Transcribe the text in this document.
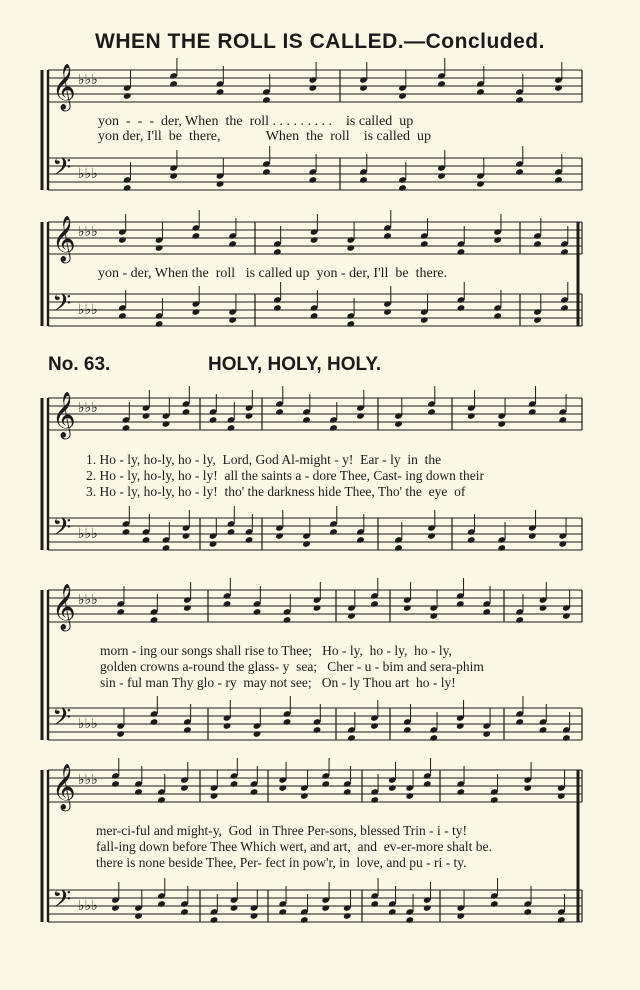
WHEN THE ROLL IS CALLED.—Concluded.
𝄞
𝄢
♭♭♭
♭♭♭
𝄞
𝄢
♭♭♭
♭♭♭
𝄞
𝄢
♭♭♭
♭♭♭
𝄞
𝄢
♭♭♭
♭♭♭
𝄞
𝄢
♭♭♭
♭♭♭
yon  -  -  -  der, When  the  roll . . . . . . . . .    is called  up
yon der, I'll  be  there,             When  the  roll    is called  up
yon - der, When the  roll   is called up  yon - der, I'll  be  there.
No. 63.	HOLY, HOLY, HOLY.
1. Ho - ly, ho-ly, ho - ly,  Lord, God Al-might - y!  Ear - ly  in  the
2. Ho - ly, ho-ly, ho - ly!  all the saints a - dore Thee, Cast- ing down their
3. Ho - ly, ho-ly, ho - ly!  tho' the darkness hide Thee, Tho' the  eye  of
morn - ing our songs shall rise to Thee;   Ho - ly,  ho - ly,  ho - ly,
golden crowns a-round the glass- y  sea;   Cher - u - bim and sera-phim
sin - ful man Thy glo - ry  may not see;   On - ly Thou art  ho - ly!
mer-ci-ful and might-y,  God  in Three Per-sons, blessed Trin - i - ty!
fall-ing down before Thee Which wert, and art,  and  ev-er-more shalt be.
there is none beside Thee, Per- fect in pow'r, in  love, and pu - ri - ty.
